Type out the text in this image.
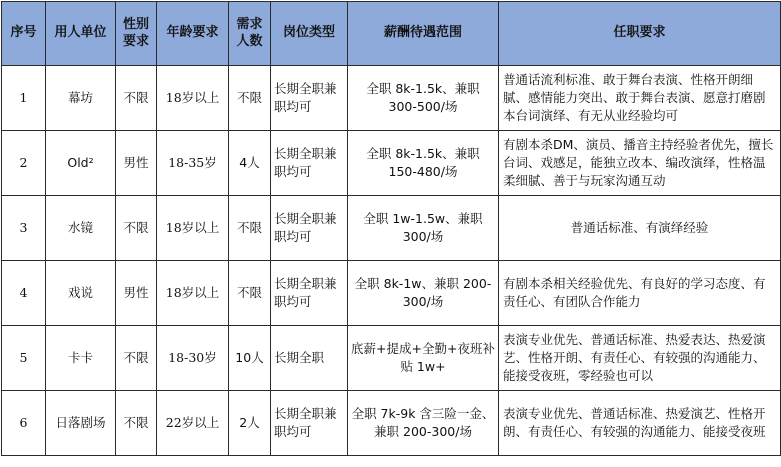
序号	用人单位	性别要求	年龄要求	需求人数	岗位类型	薪酬待遇范围	任职要求
1	幕坊	不限	18岁以上	不限	长期全职兼职均可	全职 8k-1.5k、兼职 300-500/场	普通话流利标准、敢于舞台表演、性格开朗细腻、感情能力突出、敢于舞台表演、愿意打磨剧本台词演绎、有无从业经验均可
2	Old²	男性	18-35岁	4人	长期全职兼职均可	全职 8k-1.5k、兼职 150-480/场	有剧本杀DM、演员、播音主持经验者优先，擅长台词、戏感足，能独立改本、编改演绎，性格温柔细腻、善于与玩家沟通互动
3	水镜	不限	18岁以上	不限	长期全职兼职均可	全职 1w-1.5w、兼职 300/场	普通话标准、有演绎经验
4	戏说	男性	18岁以上	不限	长期全职兼职均可	全职 8k-1w、兼职 200-300/场	有剧本杀相关经验优先、有良好的学习态度、有责任心、有团队合作能力
5	卡卡	不限	18-30岁	10人	长期全职	底薪+提成+全勤+夜班补贴 1w+	表演专业优先、普通话标准、热爱表达、热爱演艺、性格开朗、有责任心、有较强的沟通能力、能接受夜班，零经验也可以
6	日落剧场	不限	22岁以上	2人	长期全职兼职均可	全职 7k-9k 含三险一金、兼职 200-300/场	表演专业优先、普通话标准、热爱演艺、性格开朗、有责任心、有较强的沟通能力、能接受夜班
